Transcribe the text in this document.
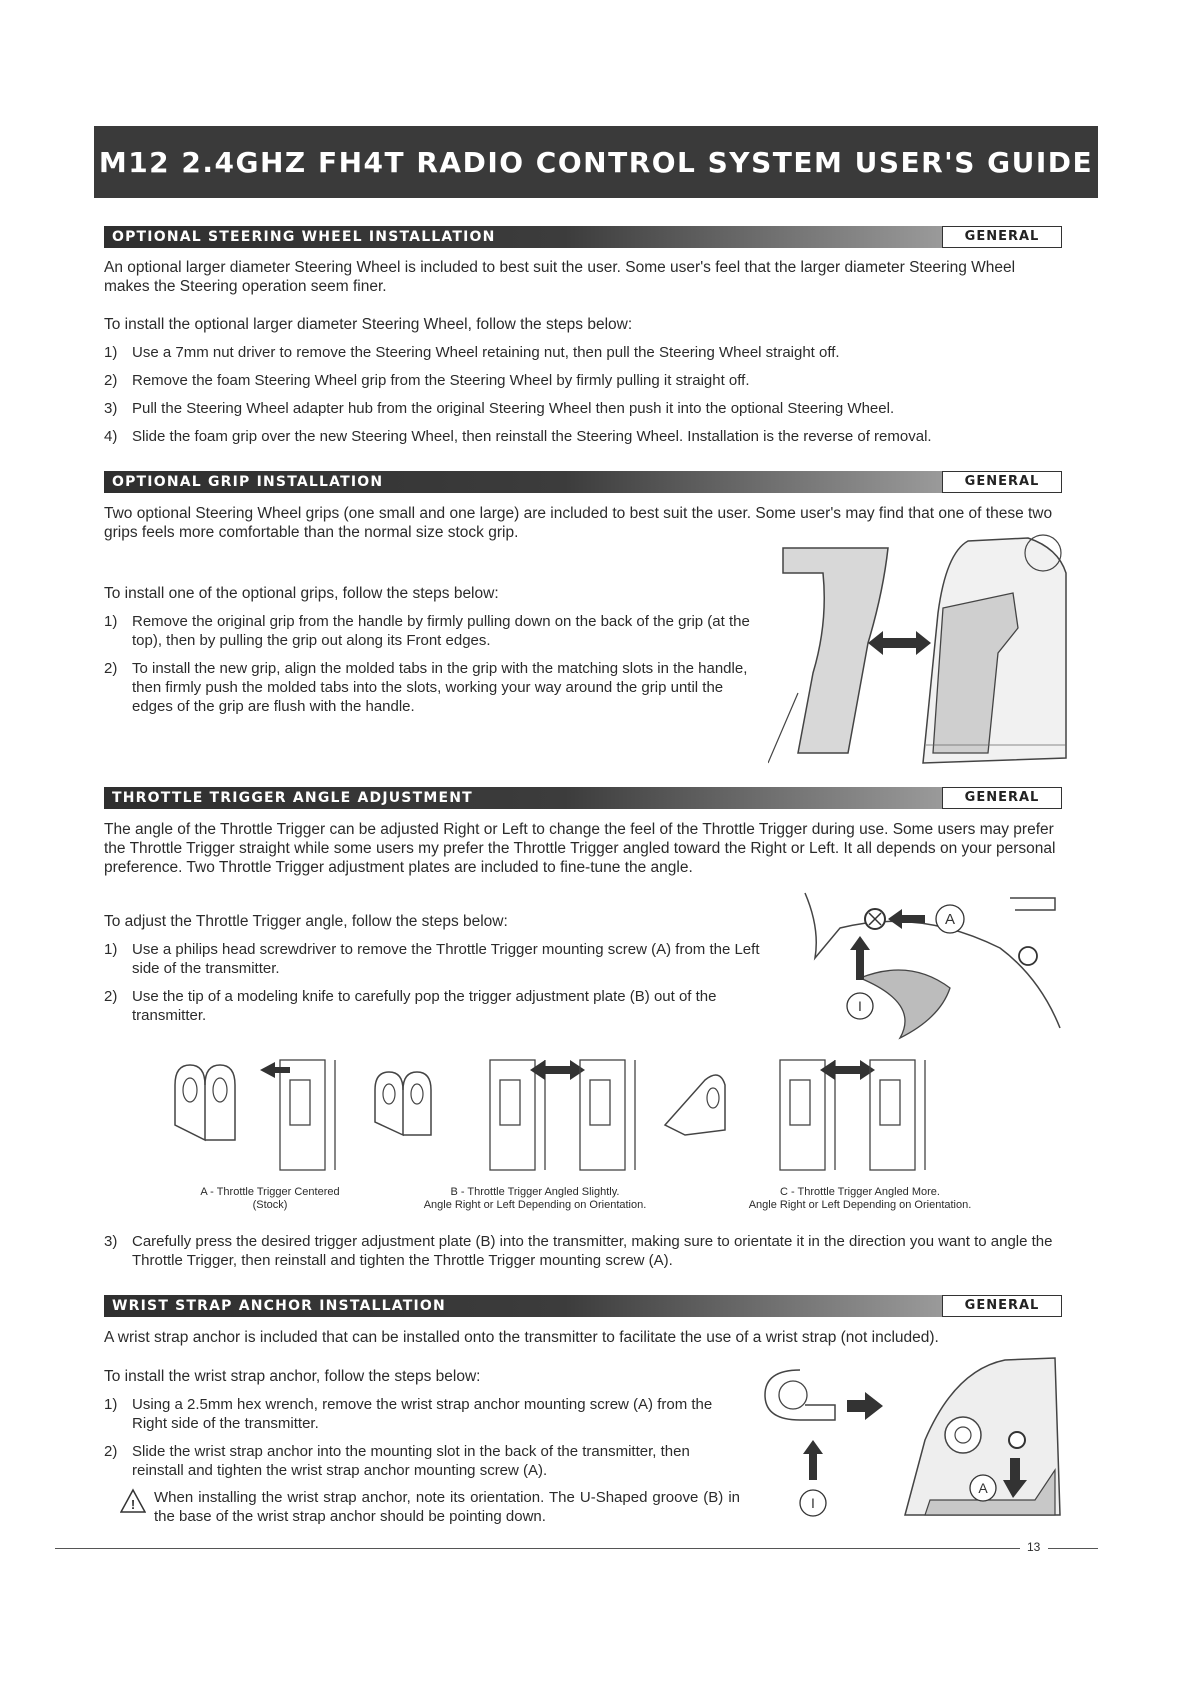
M12 2.4GHZ FH4T RADIO CONTROL SYSTEM USER'S GUIDE
OPTIONAL STEERING WHEEL INSTALLATION	GENERAL

An optional larger diameter Steering Wheel is included to best suit the user. Some user's feel that the larger diameter Steering Wheel makes the Steering operation seem finer.

To install the optional larger diameter Steering Wheel, follow the steps below:

1) Use a 7mm nut driver to remove the Steering Wheel retaining nut, then pull the Steering Wheel straight off.
2) Remove the foam Steering Wheel grip from the Steering Wheel by firmly pulling it straight off.
3) Pull the Steering Wheel adapter hub from the original Steering Wheel then push it into the optional Steering Wheel.
4) Slide the foam grip over the new Steering Wheel, then reinstall the Steering Wheel. Installation is the reverse of removal.
OPTIONAL GRIP INSTALLATION	GENERAL

Two optional Steering Wheel grips (one small and one large) are included to best suit the user. Some user's may find that one of these two grips feels more comfortable than the normal size stock grip.

To install one of the optional grips, follow the steps below:

1) Remove the original grip from the handle by firmly pulling down on the back of the grip (at the top), then by pulling the grip out along its Front edges.
2) To install the new grip, align the molded tabs in the grip with the matching slots in the handle, then firmly push the molded tabs into the slots, working your way around the grip until the edges of the grip are flush with the handle.
THROTTLE TRIGGER ANGLE ADJUSTMENT	GENERAL

The angle of the Throttle Trigger can be adjusted Right or Left to change the feel of the Throttle Trigger during use. Some users may prefer the Throttle Trigger straight while some users my prefer the Throttle Trigger angled toward the Right or Left. It all depends on your personal preference. Two Throttle Trigger adjustment plates are included to fine-tune the angle.

To adjust the Throttle Trigger angle, follow the steps below:

1) Use a philips head screwdriver to remove the Throttle Trigger mounting screw (A) from the Left side of the transmitter.
2) Use the tip of a modeling knife to carefully pop the trigger adjustment plate (B) out of the transmitter.
A
I
A - Throttle Trigger Centered
(Stock)
B - Throttle Trigger Angled Slightly.
Angle Right or Left Depending on Orientation.
C - Throttle Trigger Angled More.
Angle Right or Left Depending on Orientation.
3) Carefully press the desired trigger adjustment plate (B) into the transmitter, making sure to orientate it in the direction you want to angle the Throttle Trigger, then reinstall and tighten the Throttle Trigger mounting screw (A).
WRIST STRAP ANCHOR INSTALLATION	GENERAL

A wrist strap anchor is included that can be installed onto the transmitter to facilitate the use of a wrist strap (not included).

To install the wrist strap anchor, follow the steps below:

1) Using a 2.5mm hex wrench, remove the wrist strap anchor mounting screw (A) from the Right side of the transmitter.
2) Slide the wrist strap anchor into the mounting slot in the back of the transmitter, then reinstall and tighten the wrist strap anchor mounting screw (A).
! When installing the wrist strap anchor, note its orientation. The U-Shaped groove (B) in the base of the wrist strap anchor should be pointing down.
I
A
13
